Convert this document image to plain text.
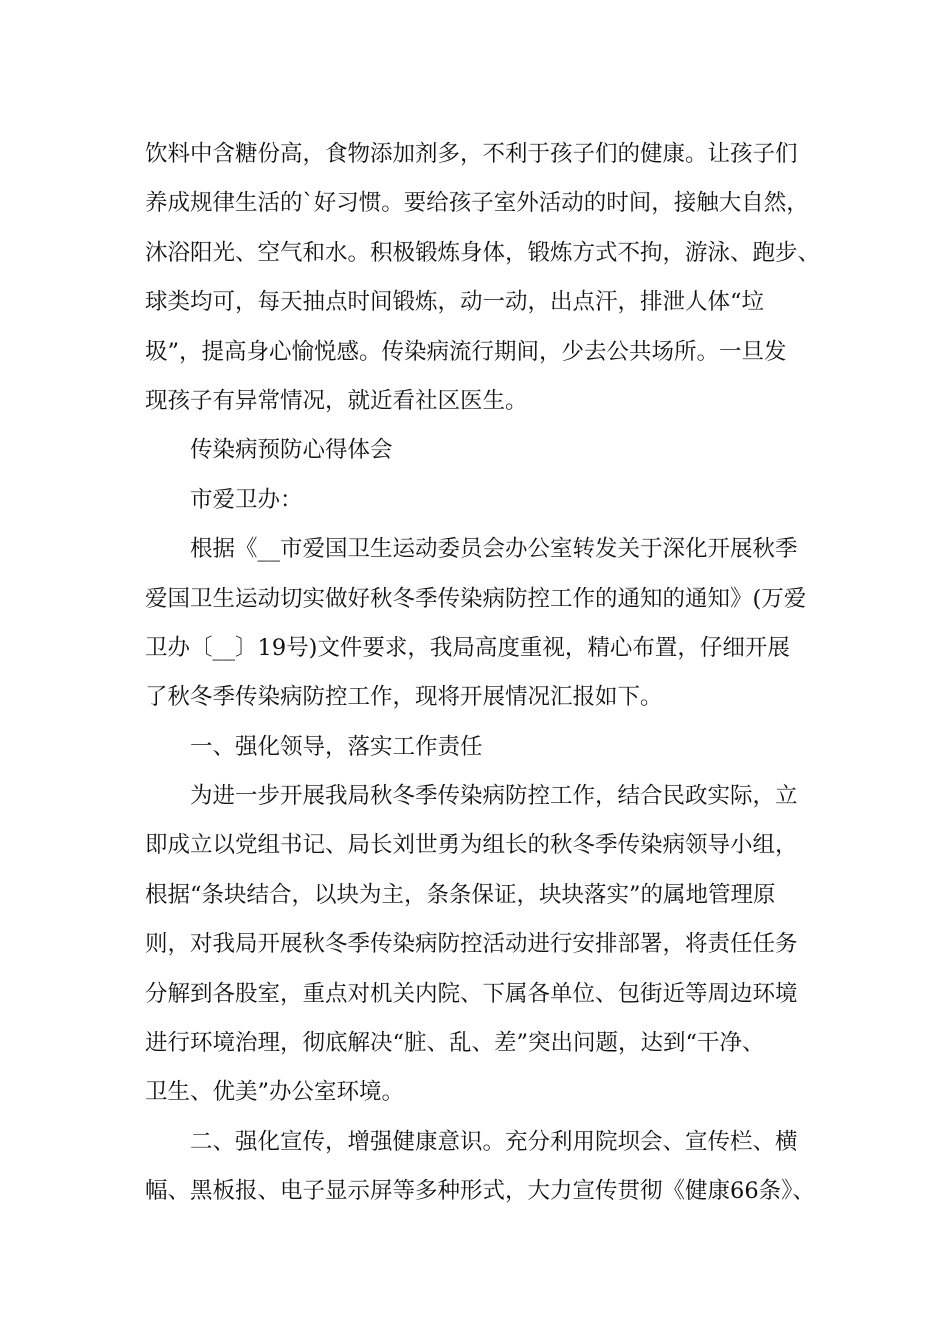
饮料中含糖份高，食物添加剂多，不利于孩子们的健康。让孩子们
养成规律生活的`好习惯。要给孩子室外活动的时间，接触大自然，
沐浴阳光、空气和水。积极锻炼身体，锻炼方式不拘，游泳、跑步、
球类均可，每天抽点时间锻炼，动一动，出点汗，排泄人体“垃
圾”，提高身心愉悦感。传染病流行期间，少去公共场所。一旦发
现孩子有异常情况，就近看社区医生。
传染病预防心得体会
市爱卫办：
根据《__市爱国卫生运动委员会办公室转发关于深化开展秋季
爱国卫生运动切实做好秋冬季传染病防控工作的通知的通知》(万爱
卫办〔__〕19号)文件要求，我局高度重视，精心布置，仔细开展
了秋冬季传染病防控工作，现将开展情况汇报如下。
一、强化领导，落实工作责任
为进一步开展我局秋冬季传染病防控工作，结合民政实际，立
即成立以党组书记、局长刘世勇为组长的秋冬季传染病领导小组，
根据“条块结合，以块为主，条条保证，块块落实”的属地管理原
则，对我局开展秋冬季传染病防控活动进行安排部署，将责任任务
分解到各股室，重点对机关内院、下属各单位、包街近等周边环境
进行环境治理，彻底解决“脏、乱、差”突出问题，达到“干净、
卫生、优美”办公室环境。
二、强化宣传，增强健康意识。充分利用院坝会、宣传栏、横
幅、黑板报、电子显示屏等多种形式，大力宣传贯彻《健康66条》、
